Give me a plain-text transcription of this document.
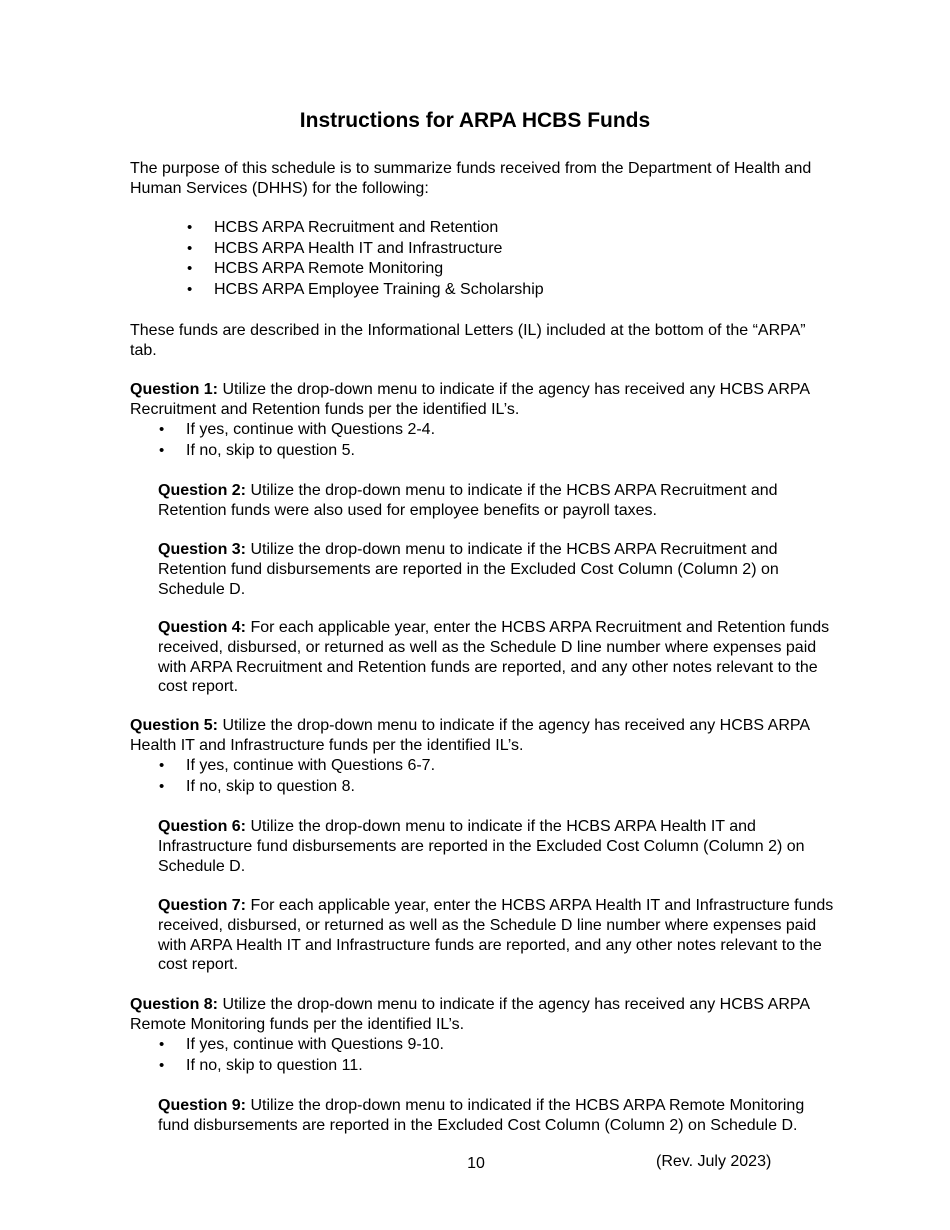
Instructions for ARPA HCBS Funds

The purpose of this schedule is to summarize funds received from the Department of Health and Human Services (DHHS) for the following:

• HCBS ARPA Recruitment and Retention
• HCBS ARPA Health IT and Infrastructure
• HCBS ARPA Remote Monitoring
• HCBS ARPA Employee Training & Scholarship

These funds are described in the Informational Letters (IL) included at the bottom of the “ARPA” tab.

Question 1: Utilize the drop-down menu to indicate if the agency has received any HCBS ARPA Recruitment and Retention funds per the identified IL’s.

• If yes, continue with Questions 2-4.
• If no, skip to question 5.

Question 2: Utilize the drop-down menu to indicate if the HCBS ARPA Recruitment and Retention funds were also used for employee benefits or payroll taxes.

Question 3: Utilize the drop-down menu to indicate if the HCBS ARPA Recruitment and Retention fund disbursements are reported in the Excluded Cost Column (Column 2) on Schedule D.

Question 4: For each applicable year, enter the HCBS ARPA Recruitment and Retention funds received, disbursed, or returned as well as the Schedule D line number where expenses paid with ARPA Recruitment and Retention funds are reported, and any other notes relevant to the cost report.

Question 5: Utilize the drop-down menu to indicate if the agency has received any HCBS ARPA Health IT and Infrastructure funds per the identified IL’s.

• If yes, continue with Questions 6-7.
• If no, skip to question 8.

Question 6: Utilize the drop-down menu to indicate if the HCBS ARPA Health IT and Infrastructure fund disbursements are reported in the Excluded Cost Column (Column 2) on Schedule D.

Question 7: For each applicable year, enter the HCBS ARPA Health IT and Infrastructure funds received, disbursed, or returned as well as the Schedule D line number where expenses paid with ARPA Health IT and Infrastructure funds are reported, and any other notes relevant to the cost report.

Question 8: Utilize the drop-down menu to indicate if the agency has received any HCBS ARPA Remote Monitoring funds per the identified IL’s.

• If yes, continue with Questions 9-10.
• If no, skip to question 11.

Question 9: Utilize the drop-down menu to indicated if the HCBS ARPA Remote Monitoring fund disbursements are reported in the Excluded Cost Column (Column 2) on Schedule D.

10	(Rev. July 2023)
